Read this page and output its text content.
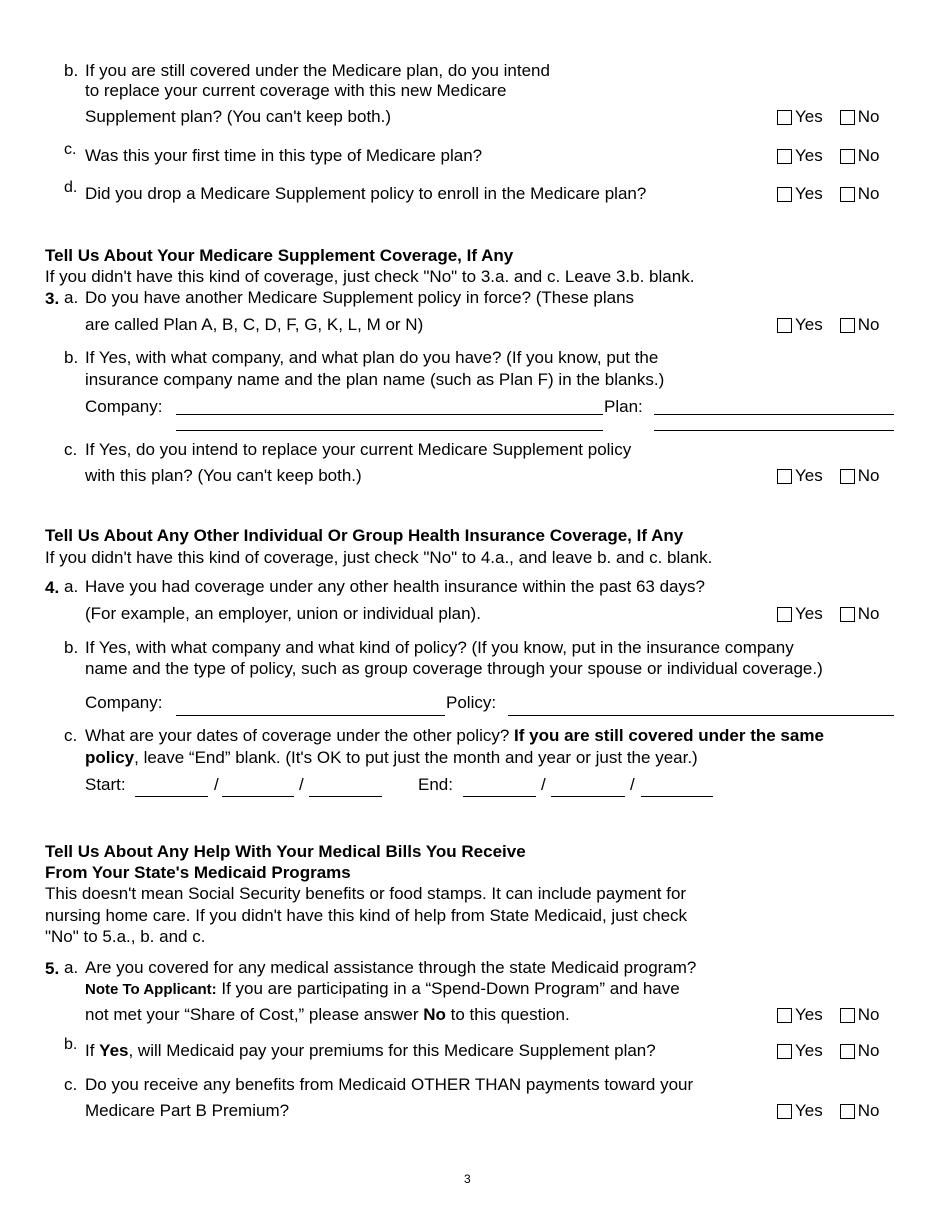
b. If you are still covered under the Medicare plan, do you intend
to replace your current coverage with this new Medicare
Supplement plan? (You can't keep both.)	Yes No
c. Was this your first time in this type of Medicare plan?	Yes No
d. Did you drop a Medicare Supplement policy to enroll in the Medicare plan?	Yes No
Tell Us About Your Medicare Supplement Coverage, If Any
If you didn't have this kind of coverage, just check "No" to 3.a. and c. Leave 3.b. blank.
3. a. Do you have another Medicare Supplement policy in force? (These plans
are called Plan A, B, C, D, F, G, K, L, M or N)	Yes No
b. If Yes, with what company, and what plan do you have? (If you know, put the
insurance company name and the plan name (such as Plan F) in the blanks.)
Company:	Plan:
c. If Yes, do you intend to replace your current Medicare Supplement policy
with this plan? (You can't keep both.)	Yes No
Tell Us About Any Other Individual Or Group Health Insurance Coverage, If Any
If you didn't have this kind of coverage, just check "No" to 4.a., and leave b. and c. blank.
4. a. Have you had coverage under any other health insurance within the past 63 days?
(For example, an employer, union or individual plan).	Yes No
b. If Yes, with what company and what kind of policy? (If you know, put in the insurance company
name and the type of policy, such as group coverage through your spouse or individual coverage.)
Company:	Policy:
c. What are your dates of coverage under the other policy? If you are still covered under the same
policy, leave “End” blank. (It's OK to put just the month and year or just the year.)
Start:	/	/	End:	/	/
Tell Us About Any Help With Your Medical Bills You Receive
From Your State's Medicaid Programs
This doesn't mean Social Security benefits or food stamps. It can include payment for
nursing home care. If you didn't have this kind of help from State Medicaid, just check
"No" to 5.a., b. and c.
5. a. Are you covered for any medical assistance through the state Medicaid program?
Note To Applicant: If you are participating in a “Spend-Down Program” and have
not met your “Share of Cost,” please answer No to this question.	Yes No
b. If Yes, will Medicaid pay your premiums for this Medicare Supplement plan?	Yes No
c. Do you receive any benefits from Medicaid OTHER THAN payments toward your
Medicare Part B Premium?	Yes No
3
